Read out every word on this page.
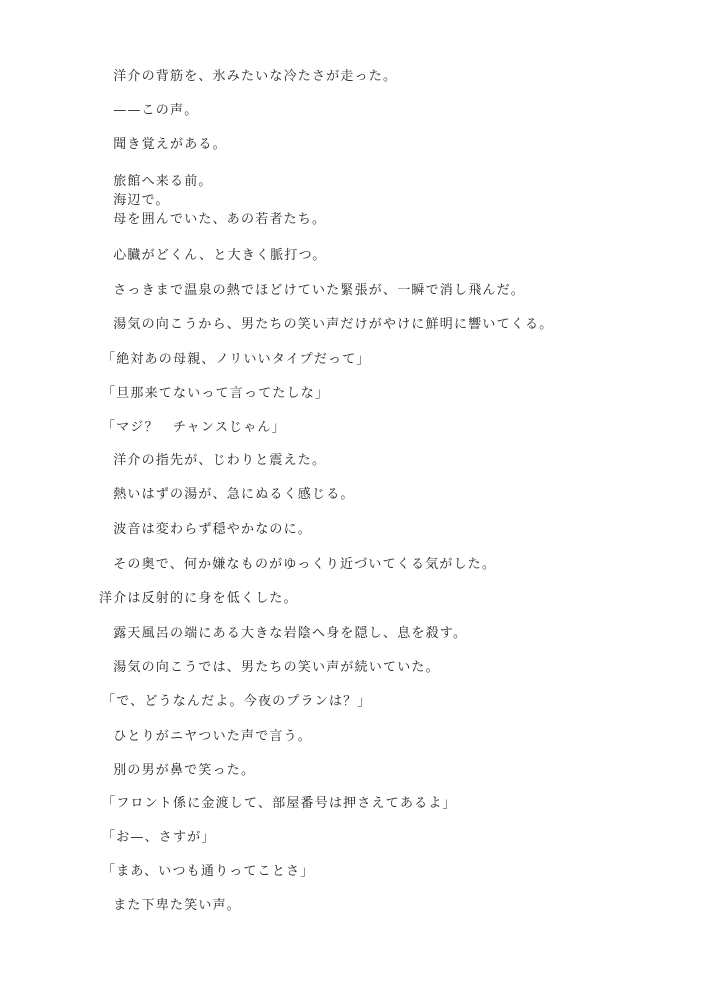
　洋介の背筋を、氷みたいな冷たさが走った。
　——この声。
　聞き覚えがある。
　旅館へ来る前。
　海辺で。
　母を囲んでいた、あの若者たち。
　心臓がどくん、と大きく脈打つ。
　さっきまで温泉の熱でほどけていた緊張が、一瞬で消し飛んだ。
　湯気の向こうから、男たちの笑い声だけがやけに鮮明に響いてくる。
「絶対あの母親、ノリいいタイプだって」
「旦那来てないって言ってたしな」
「マジ？　チャンスじゃん」
　洋介の指先が、じわりと震えた。
　熱いはずの湯が、急にぬるく感じる。
　波音は変わらず穏やかなのに。
　その奥で、何か嫌なものがゆっくり近づいてくる気がした。
洋介は反射的に身を低くした。
　露天風呂の端にある大きな岩陰へ身を隠し、息を殺す。
　湯気の向こうでは、男たちの笑い声が続いていた。
「で、どうなんだよ。今夜のプランは？」
　ひとりがニヤついた声で言う。
　別の男が鼻で笑った。
「フロント係に金渡して、部屋番号は押さえてあるよ」
「お—、さすが」
「まあ、いつも通りってことさ」
　また下卑た笑い声。
